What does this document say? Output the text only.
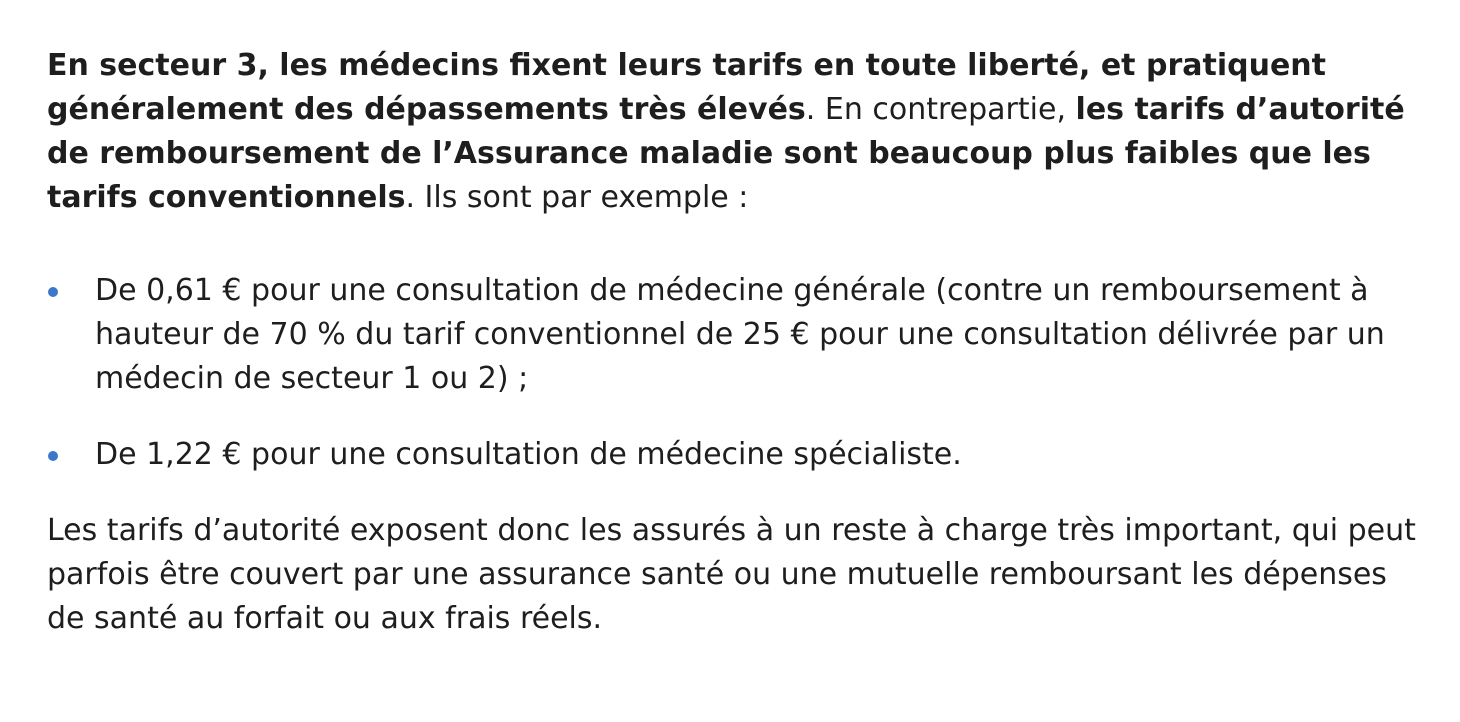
En secteur 3, les médecins fixent leurs tarifs en toute liberté, et pratiquent généralement des dépassements très élevés. En contrepartie, les tarifs d’autorité de remboursement de l’Assurance maladie sont beaucoup plus faibles que les tarifs conventionnels. Ils sont par exemple :

De 0,61 € pour une consultation de médecine générale (contre un remboursement à hauteur de 70 % du tarif conventionnel de 25 € pour une consultation délivrée par un médecin de secteur 1 ou 2) ;
De 1,22 € pour une consultation de médecine spécialiste.

Les tarifs d’autorité exposent donc les assurés à un reste à charge très important, qui peut parfois être couvert par une assurance santé ou une mutuelle remboursant les dépenses de santé au forfait ou aux frais réels.
